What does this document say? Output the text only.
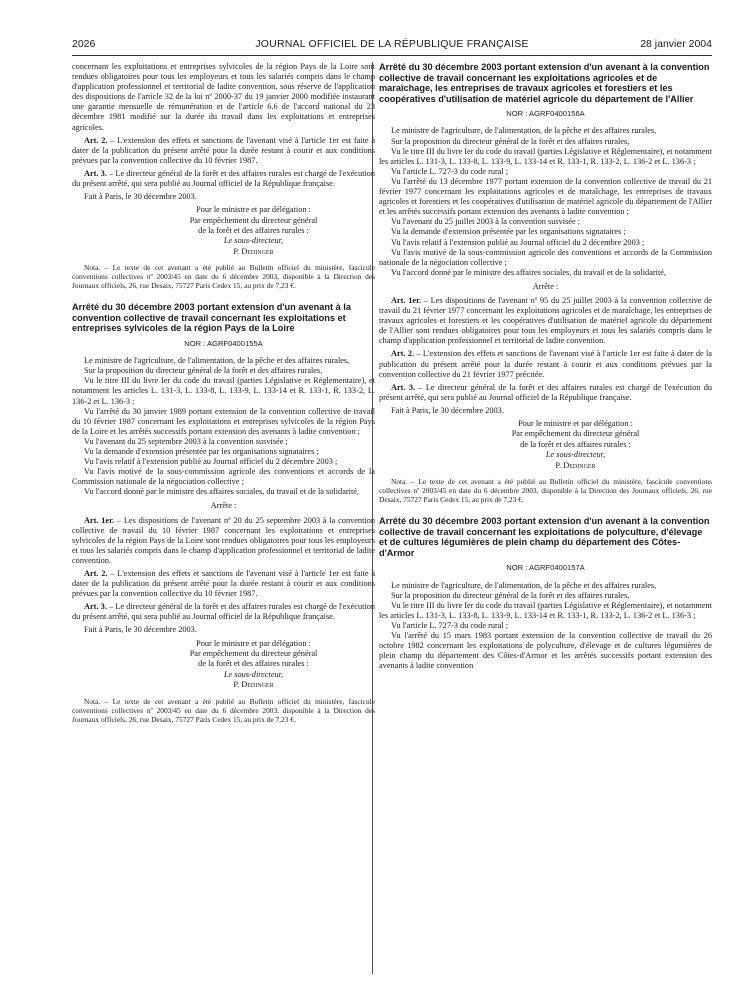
2026	JOURNAL OFFICIEL DE LA RÉPUBLIQUE FRANÇAISE	28 janvier 2004

concernant les exploitations et entreprises sylvicoles de la région Pays de la Loire sont rendues obligatoires pour tous les employeurs et tous les salariés compris dans le champ d'application professionnel et territorial de ladite convention, sous réserve de l'application des dispositions de l'article 32 de la loi nº 2000-37 du 19 janvier 2000 modifiée instaurant une garantie mensuelle de rémunération et de l'article 6.6 de l'accord national du 23 décembre 1981 modifié sur la durée du travail dans les exploitations et entreprises agricoles.

Art. 2. – L'extension des effets et sanctions de l'avenant visé à l'article 1er est faite à dater de la publication du présent arrêté pour la durée restant à courir et aux conditions prévues par la convention collective du 10 février 1987.

Art. 3. – Le directeur général de la forêt et des affaires rurales est chargé de l'exécution du présent arrêté, qui sera publié au Journal officiel de la République française.

Fait à Paris, le 30 décembre 2003.

Pour le ministre et par délégation :

Par empêchement du directeur général

de la forêt et des affaires rurales :

Le sous-directeur,

P. Dedinger

Nota. – Le texte de cet avenant a été publié au Bulletin officiel du ministère, fascicule conventions collectives nº 2003/45 en date du 6 décembre 2003, disponible à la Direction des Journaux officiels, 26, rue Desaix, 75727 Paris Cedex 15, au prix de 7,23 €.

Arrêté du 30 décembre 2003 portant extension d'un avenant à la convention collective de travail concernant les exploitations et entreprises sylvicoles de la région Pays de la Loire

NOR : AGRF0400155A

Le ministre de l'agriculture, de l'alimentation, de la pêche et des affaires rurales,

Sur la proposition du directeur général de la forêt et des affaires rurales,

Vu le titre III du livre Ier du code du travail (parties Législative et Réglementaire), et notamment les articles L. 131-3, L. 133-8, L. 133-9, L. 133-14 et R. 133-1, R. 133-2, L. 136-2 et L. 136-3 ;

Vu l'arrêté du 30 janvier 1989 portant extension de la convention collective de travail du 10 février 1987 concernant les exploitations et entreprises sylvicoles de la région Pays de la Loire et les arrêtés successifs portant extension des avenants à ladite convention ;

Vu l'avenant du 25 septembre 2003 à la convention susvisée ;

Vu la demande d'extension présentée par les organisations signataires ;

Vu l'avis relatif à l'extension publié au Journal officiel du 2 décembre 2003 ;

Vu l'avis motivé de la sous-commission agricole des conventions et accords de la Commission nationale de la négociation collective ;

Vu l'accord donné par le ministre des affaires sociales, du travail et de la solidarité,

Arrête :

Art. 1er. – Les dispositions de l'avenant nº 20 du 25 septembre 2003 à la convention collective de travail du 10 février 1987 concernant les exploitations et entreprises sylvicoles de la région Pays de la Loire sont rendues obligatoires pour tous les employeurs et tous les salariés compris dans le champ d'application professionnel et territorial de ladite convention.

Art. 2. – L'extension des effets et sanctions de l'avenant visé à l'article 1er est faite à dater de la publication du présent arrêté pour la durée restant à courir et aux conditions prévues par la convention collective du 10 février 1987.

Art. 3. – Le directeur général de la forêt et des affaires rurales est chargé de l'exécution du présent arrêté, qui sera publié au Journal officiel de la République française.

Fait à Paris, le 30 décembre 2003.

Pour le ministre et par délégation :

Par empêchement du directeur général

de la forêt et des affaires rurales :

Le sous-directeur,

P. Dedinger

Nota. – Le texte de cet avenant a été publié au Bulletin officiel du ministère, fascicule conventions collectives nº 2003/45 en date du 6 décembre 2003, disponible à la Direction des Journaux officiels, 26, rue Desaix, 75727 Paris Cedex 15, au prix de 7,23 €.

Arrêté du 30 décembre 2003 portant extension d'un avenant à la convention collective de travail concernant les exploitations agricoles et de maraîchage, les entreprises de travaux agricoles et forestiers et les coopératives d'utilisation de matériel agricole du département de l'Allier

NOR : AGRF0400156A

Le ministre de l'agriculture, de l'alimentation, de la pêche et des affaires rurales,

Sur la proposition du directeur général de la forêt et des affaires rurales,

Vu le titre III du livre Ier du code du travail (parties Législative et Réglementaire), et notamment les articles L. 131-3, L. 133-8, L. 133-9, L. 133-14 et R. 133-1, R. 133-2, L. 136-2 et L. 136-3 ;

Vu l'article L. 727-3 du code rural ;

Vu l'arrêté du 13 décembre 1977 portant extension de la convention collective de travail du 21 février 1977 concernant les exploitations agricoles et de maraîchage, les entreprises de travaux agricoles et forestiers et les coopératives d'utilisation de matériel agricole du département de l'Allier et les arrêtés successifs portant extension des avenants à ladite convention ;

Vu l'avenant du 25 juillet 2003 à la convention susvisée ;

Vu la demande d'extension présentée par les organisations signataires ;

Vu l'avis relatif à l'extension publié au Journal officiel du 2 décembre 2003 ;

Vu l'avis motivé de la sous-commission agricole des conventions et accords de la Commission nationale de la négociation collective ;

Vu l'accord donné par le ministre des affaires sociales, du travail et de la solidarité,

Arrête :

Art. 1er. – Les dispositions de l'avenant nº 95 du 25 juillet 2003 à la convention collective de travail du 21 février 1977 concernant les exploitations agricoles et de maraîchage, les entreprises de travaux agricoles et forestiers et les coopératives d'utilisation de matériel agricole du département de l'Allier sont rendues obligatoires pour tous les employeurs et tous les salariés compris dans le champ d'application professionnel et territorial de ladite convention.

Art. 2. – L'extension des effets et sanctions de l'avenant visé à l'article 1er est faite à dater de la publication du présent arrêté pour la durée restant à courir et aux conditions prévues par la convention collective du 21 février 1977 précitée.

Art. 3. – Le directeur général de la forêt et des affaires rurales est chargé de l'exécution du présent arrêté, qui sera publié au Journal officiel de la République française.

Fait à Paris, le 30 décembre 2003.

Pour le ministre et par délégation :

Par empêchement du directeur général

de la forêt et des affaires rurales :

Le sous-directeur,

P. Dedinger

Nota. – Le texte de cet avenant a été publié au Bulletin officiel du ministère, fascicule conventions collectives nº 2003/45 en date du 6 décembre 2003, disponible à la Direction des Journaux officiels, 26, rue Desaix, 75727 Paris Cedex 15, au prix de 7,23 €.

Arrêté du 30 décembre 2003 portant extension d'un avenant à la convention collective de travail concernant les exploitations de polyculture, d'élevage et de cultures légumières de plein champ du département des Côtes-d'Armor

NOR : AGRF0400157A

Le ministre de l'agriculture, de l'alimentation, de la pêche et des affaires rurales,

Sur la proposition du directeur général de la forêt et des affaires rurales,

Vu le titre III du livre Ier du code du travail (parties Législative et Réglementaire), et notamment les articles L. 131-3, L. 133-8, L. 133-9, L. 133-14 et R. 133-1, R. 133-2, L. 136-2 et L. 136-3 ;

Vu l'article L. 727-3 du code rural ;

Vu l'arrêté du 15 mars 1983 portant extension de la convention collective de travail du 26 octobre 1982 concernant les exploitations de polyculture, d'élevage et de cultures légumières de plein champ du département des Côtes-d'Armor et les arrêtés successifs portant extension des avenants à ladite convention
